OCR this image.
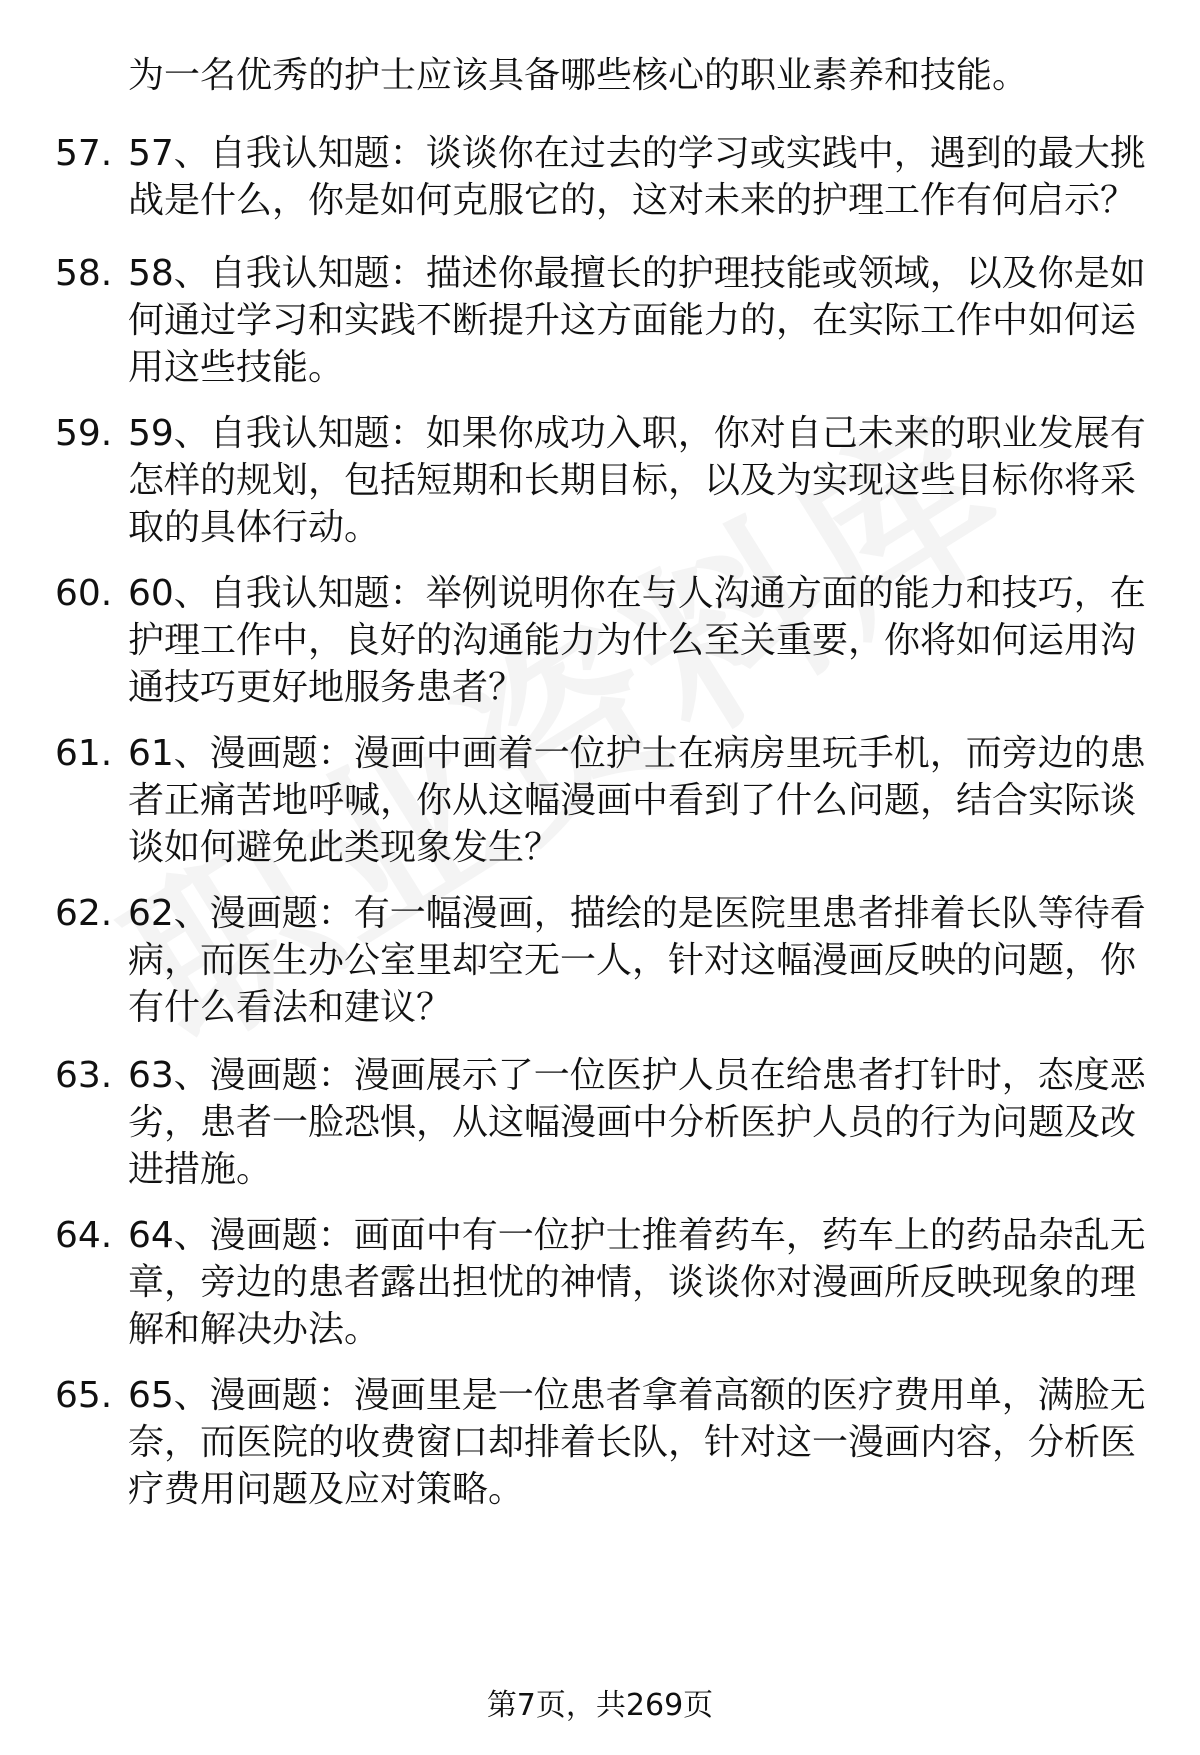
为一名优秀的护士应该具备哪些核心的职业素养和技能。
57. 57、自我认知题：谈谈你在过去的学习或实践中，遇到的最大挑
战是什么，你是如何克服它的，这对未来的护理工作有何启示？
58. 58、自我认知题：描述你最擅长的护理技能或领域，以及你是如
何通过学习和实践不断提升这方面能力的，在实际工作中如何运
用这些技能。
59. 59、自我认知题：如果你成功入职，你对自己未来的职业发展有
怎样的规划，包括短期和长期目标，以及为实现这些目标你将采
取的具体行动。
60. 60、自我认知题：举例说明你在与人沟通方面的能力和技巧，在
护理工作中，良好的沟通能力为什么至关重要，你将如何运用沟
通技巧更好地服务患者？
61. 61、漫画题：漫画中画着一位护士在病房里玩手机，而旁边的患
者正痛苦地呼喊，你从这幅漫画中看到了什么问题，结合实际谈
谈如何避免此类现象发生？
62. 62、漫画题：有一幅漫画，描绘的是医院里患者排着长队等待看
病，而医生办公室里却空无一人，针对这幅漫画反映的问题，你
有什么看法和建议？
63. 63、漫画题：漫画展示了一位医护人员在给患者打针时，态度恶
劣，患者一脸恐惧，从这幅漫画中分析医护人员的行为问题及改
进措施。
64. 64、漫画题：画面中有一位护士推着药车，药车上的药品杂乱无
章，旁边的患者露出担忧的神情，谈谈你对漫画所反映现象的理
解和解决办法。
65. 65、漫画题：漫画里是一位患者拿着高额的医疗费用单，满脸无
奈，而医院的收费窗口却排着长队，针对这一漫画内容，分析医
疗费用问题及应对策略。
第7页，共269页
